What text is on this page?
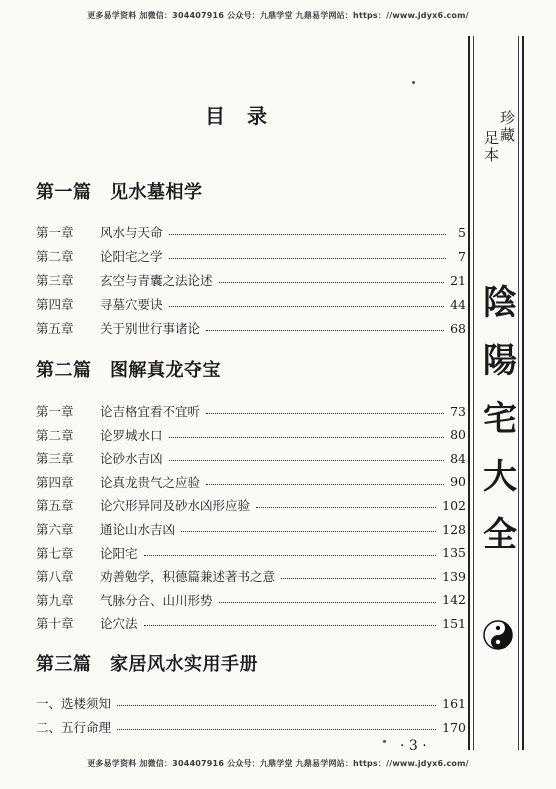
更多易学资料 加微信：304407916 公众号：九鼎学堂 九鼎易学网站：https：//www.jdyx6.com/
更多易学资料 加微信：304407916 公众号：九鼎学堂 九鼎易学网站：https：//www.jdyx6.com/
目录
第一篇　见水墓相学
第一章	风水与天命	5
第二章	论阳宅之学	7
第三章	玄空与青囊之法论述	21
第四章	寻墓穴要诀	44
第五章	关于别世行事诸论	68
第二篇　图解真龙夺宝
第一章	论吉格宜看不宜听	73
第二章	论罗城水口	80
第三章	论砂水吉凶	84
第四章	论真龙贵气之应验	90
第五章	论穴形异同及砂水凶形应验	102
第六章	通论山水吉凶	128
第七章	论阳宅	135
第八章	劝善勉学，积德篇兼述著书之意	139
第九章	气脉分合、山川形势	142
第十章	论穴法	151
第三篇　家居风水实用手册
一、选楼须知	161
二、五行命理	170
足
本
珍
藏
陰
陽
宅
大
全
· 3 ·
